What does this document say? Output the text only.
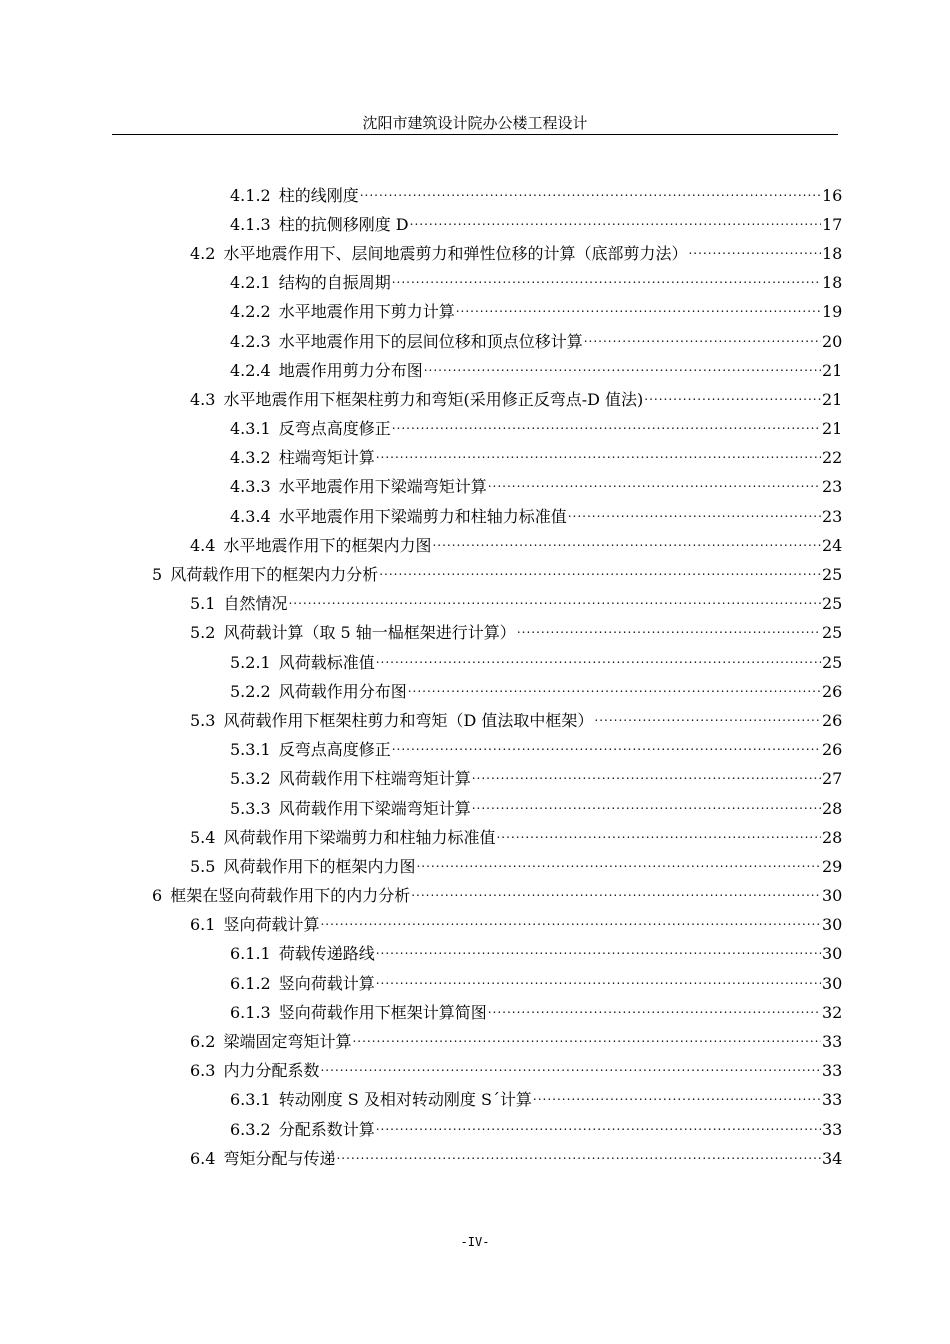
沈阳市建筑设计院办公楼工程设计
4.1.2 柱的线刚度 .....	16
4.1.3 柱的抗侧移刚度 D .....	17
4.2 水平地震作用下、层间地震剪力和弹性位移的计算（底部剪力法） .....	18
4.2.1 结构的自振周期 .....	18
4.2.2 水平地震作用下剪力计算 .....	19
4.2.3 水平地震作用下的层间位移和顶点位移计算 .....	20
4.2.4 地震作用剪力分布图 .....	21
4.3 水平地震作用下框架柱剪力和弯矩(采用修正反弯点-D 值法) .....	21
4.3.1 反弯点高度修正 .....	21
4.3.2 柱端弯矩计算 .....	22
4.3.3 水平地震作用下梁端弯矩计算 .....	23
4.3.4 水平地震作用下梁端剪力和柱轴力标准值 .....	23
4.4 水平地震作用下的框架内力图 .....	24
5 风荷载作用下的框架内力分析 .....	25
5.1 自然情况 .....	25
5.2 风荷载计算（取 5 轴一榀框架进行计算） .....	25
5.2.1 风荷载标准值 .....	25
5.2.2 风荷载作用分布图 .....	26
5.3 风荷载作用下框架柱剪力和弯矩（D 值法取中框架） .....	26
5.3.1 反弯点高度修正 .....	26
5.3.2 风荷载作用下柱端弯矩计算 .....	27
5.3.3 风荷载作用下梁端弯矩计算 .....	28
5.4 风荷载作用下梁端剪力和柱轴力标准值 .....	28
5.5 风荷载作用下的框架内力图 .....	29
6 框架在竖向荷载作用下的内力分析 .....	30
6.1 竖向荷载计算 .....	30
6.1.1 荷载传递路线 .....	30
6.1.2 竖向荷载计算 .....	30
6.1.3 竖向荷载作用下框架计算简图 .....	32
6.2 梁端固定弯矩计算 .....	33
6.3 内力分配系数 .....	33
6.3.1 转动刚度 S 及相对转动刚度 S´计算 .....	33
6.3.2 分配系数计算 .....	33
6.4 弯矩分配与传递 .....	34
-IV-
